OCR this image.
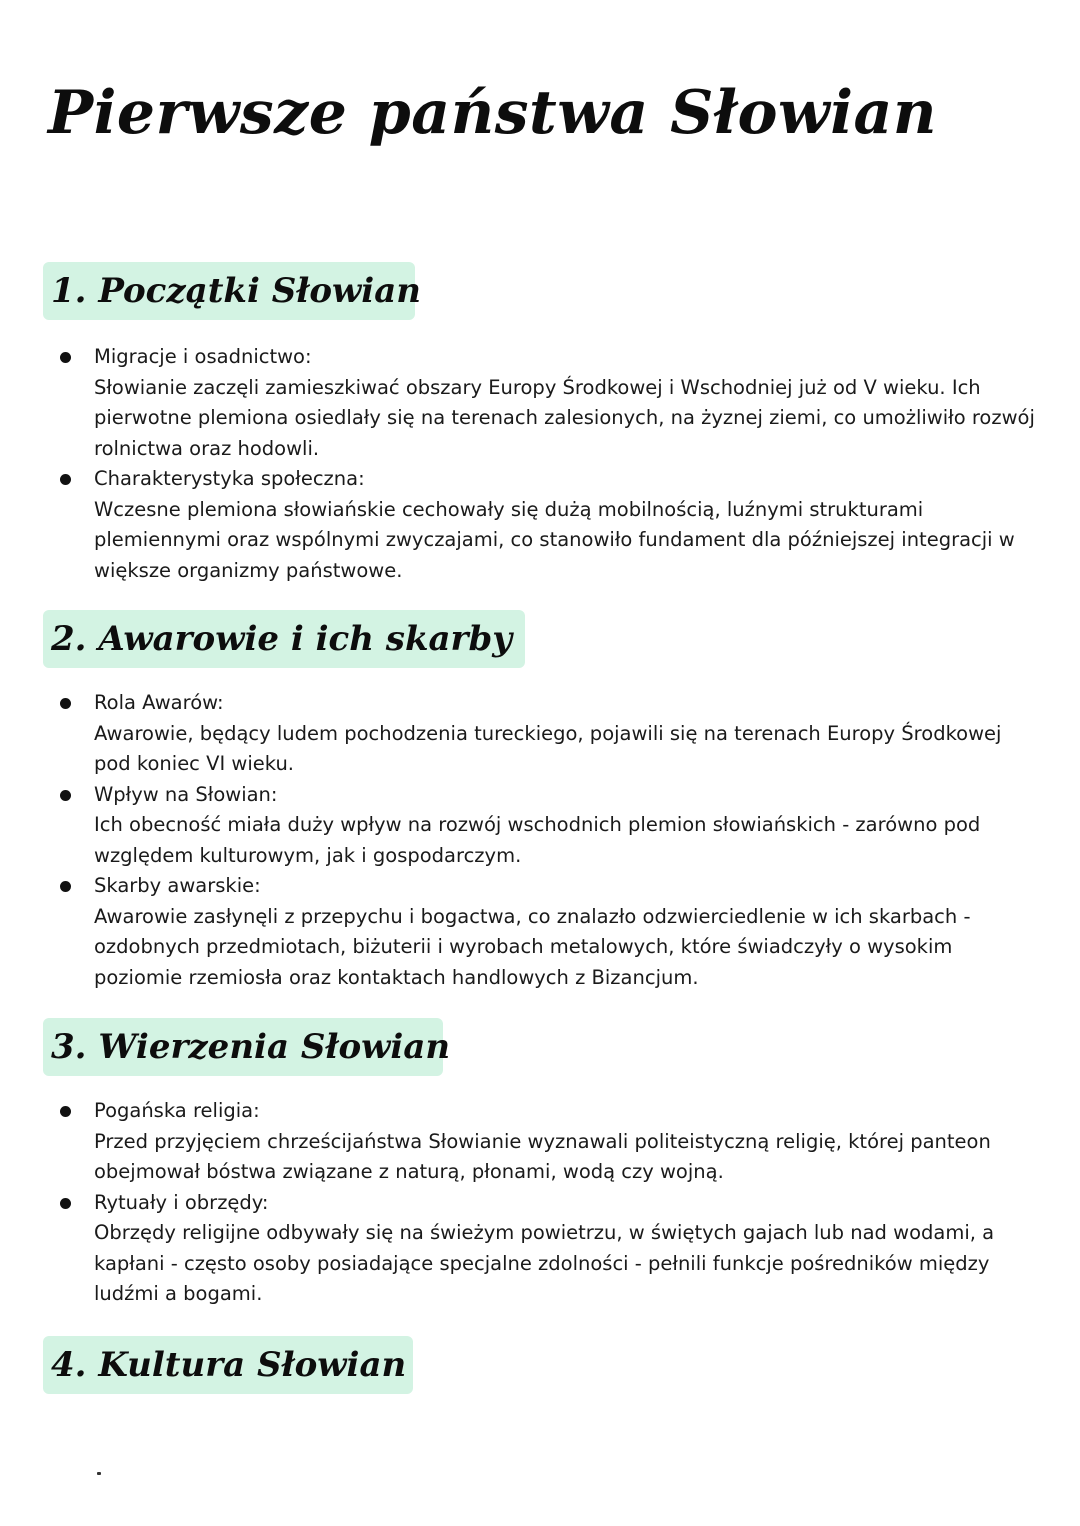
Pierwsze państwa Słowian
1. Początki Słowian
Migracje i osadnictwo:
Słowianie zaczęli zamieszkiwać obszary Europy Środkowej i Wschodniej już od V wieku. Ich pierwotne plemiona osiedlały się na terenach zalesionych, na żyznej ziemi, co umożliwiło rozwój rolnictwa oraz hodowli.
Charakterystyka społeczna:
Wczesne plemiona słowiańskie cechowały się dużą mobilnością, luźnymi strukturami plemiennymi oraz wspólnymi zwyczajami, co stanowiło fundament dla późniejszej integracji w większe organizmy państwowe.
2. Awarowie i ich skarby
Rola Awarów:
Awarowie, będący ludem pochodzenia tureckiego, pojawili się na terenach Europy Środkowej pod koniec VI wieku.
Wpływ na Słowian:
Ich obecność miała duży wpływ na rozwój wschodnich plemion słowiańskich - zarówno pod względem kulturowym, jak i gospodarczym.
Skarby awarskie:
Awarowie zasłynęli z przepychu i bogactwa, co znalazło odzwierciedlenie w ich skarbach - ozdobnych przedmiotach, biżuterii i wyrobach metalowych, które świadczyły o wysokim poziomie rzemiosła oraz kontaktach handlowych z Bizancjum.
3. Wierzenia Słowian
Pogańska religia:
Przed przyjęciem chrześcijaństwa Słowianie wyznawali politeistyczną religię, której panteon obejmował bóstwa związane z naturą, płonami, wodą czy wojną.
Rytuały i obrzędy:
Obrzędy religijne odbywały się na świeżym powietrzu, w świętych gajach lub nad wodami, a kapłani - często osoby posiadające specjalne zdolności - pełnili funkcje pośredników między ludźmi a bogami.
4. Kultura Słowian
